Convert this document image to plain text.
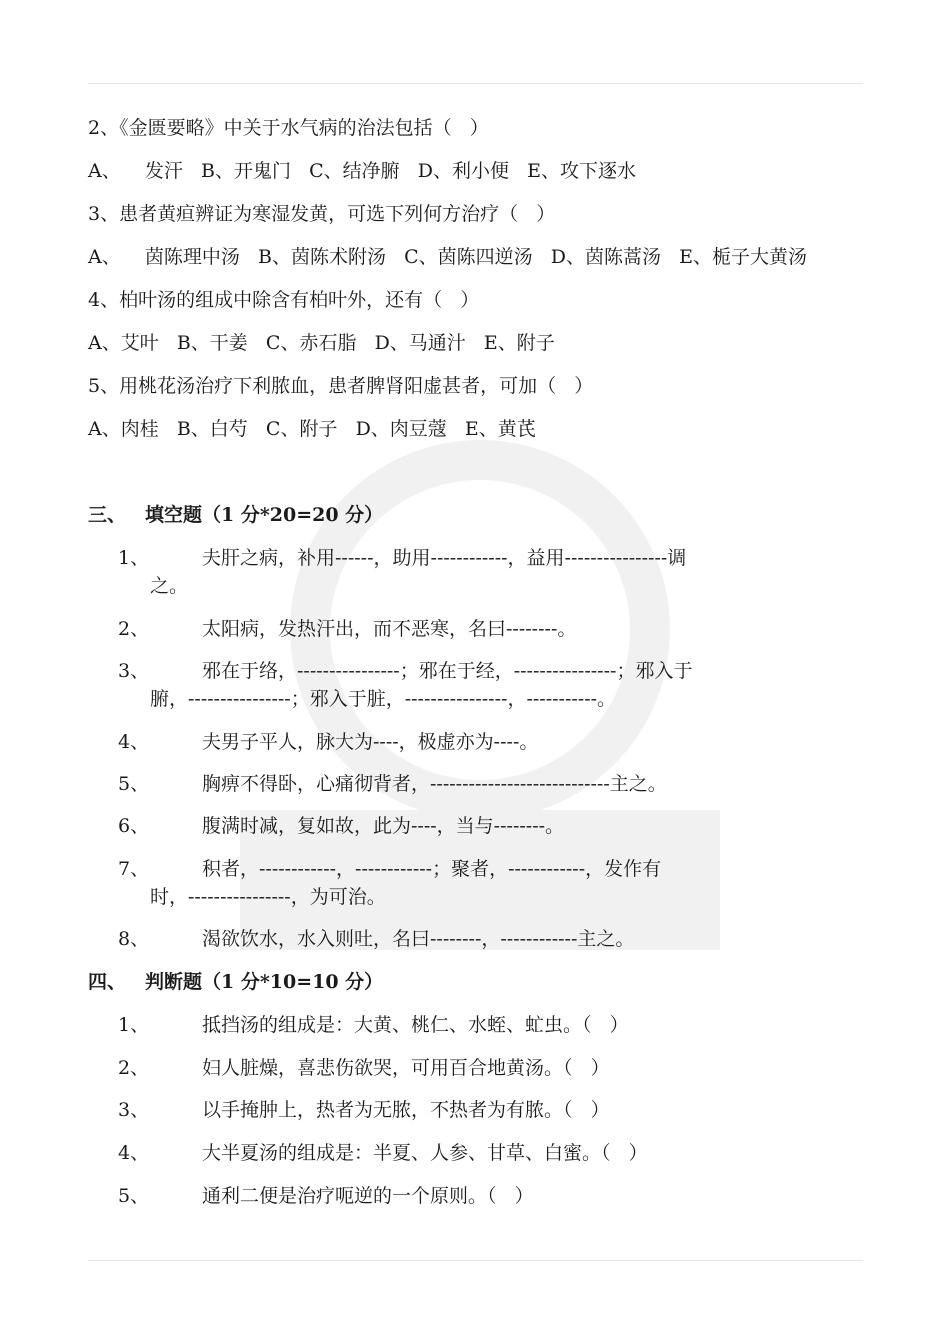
2、《金匮要略》中关于水气病的治法包括（   ）
A、    发汗   B、开鬼门   C、结净腑   D、利小便   E、攻下逐水
3、患者黄疸辨证为寒湿发黄，可选下列何方治疗（   ）
A、    茵陈理中汤   B、茵陈术附汤   C、茵陈四逆汤   D、茵陈蒿汤   E、栀子大黄汤
4、柏叶汤的组成中除含有柏叶外，还有（   ）
A、艾叶   B、干姜   C、赤石脂   D、马通汁   E、附子
5、用桃花汤治疗下利脓血，患者脾肾阳虚甚者，可加（   ）
A、肉桂   B、白芍   C、附子   D、肉豆蔻   E、黄芪
三、 填空题（1 分*20=20 分）
1、	夫肝之病，补用------，助用------------，益用----------------调
之。
2、	太阳病，发热汗出，而不恶寒，名曰--------。
3、	邪在于络，----------------；邪在于经，----------------；邪入于
腑，----------------；邪入于脏，----------------，-----------。
4、	夫男子平人，脉大为----，极虚亦为----。
5、	胸痹不得卧，心痛彻背者，----------------------------主之。
6、	腹满时减，复如故，此为----，当与--------。
7、	积者，------------，------------；聚者，------------，发作有
时，----------------，为可治。
8、	渴欲饮水，水入则吐，名曰--------，------------主之。
四、 判断题（1 分*10=10 分）
1、	抵挡汤的组成是：大黄、桃仁、水蛭、虻虫。（   ）
2、	妇人脏燥，喜悲伤欲哭，可用百合地黄汤。（   ）
3、	以手掩肿上，热者为无脓，不热者为有脓。（   ）
4、	大半夏汤的组成是：半夏、人参、甘草、白蜜。（   ）
5、	通利二便是治疗呃逆的一个原则。（   ）
